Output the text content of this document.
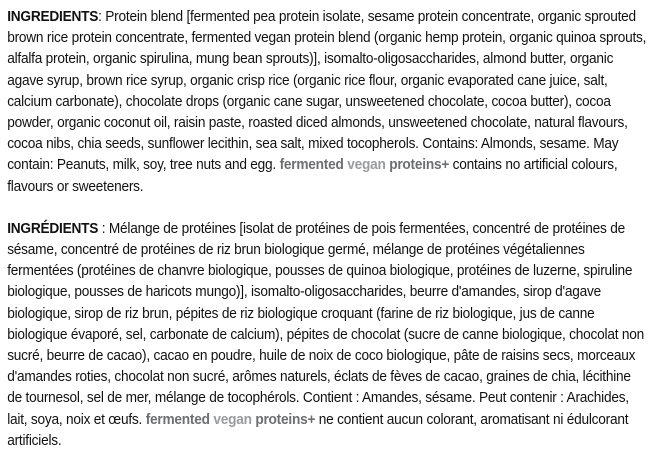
INGREDIENTS: Protein blend [fermented pea protein isolate, sesame protein concentrate, organic sprouted brown rice protein concentrate, fermented vegan protein blend (organic hemp protein, organic quinoa sprouts, alfalfa protein, organic spirulina, mung bean sprouts)], isomalto-oligosaccharides, almond butter, organic agave syrup, brown rice syrup, organic crisp rice (organic rice flour, organic evaporated cane juice, salt, calcium carbonate), chocolate drops (organic cane sugar, unsweetened chocolate, cocoa butter), cocoa powder, organic coconut oil, raisin paste, roasted diced almonds, unsweetened chocolate, natural flavours, cocoa nibs, chia seeds, sunflower lecithin, sea salt, mixed tocopherols. Contains: Almonds, sesame. May contain: Peanuts, milk, soy, tree nuts and egg. fermented vegan proteins+ contains no artificial colours, flavours or sweeteners.

INGRÉDIENTS : Mélange de protéines [isolat de protéines de pois fermentées, concentré de protéines de sésame, concentré de protéines de riz brun biologique germé, mélange de protéines végétaliennes fermentées (protéines de chanvre biologique, pousses de quinoa biologique, protéines de luzerne, spiruline biologique, pousses de haricots mungo)], isomalto-oligosaccharides, beurre d'amandes, sirop d'agave biologique, sirop de riz brun, pépites de riz biologique croquant (farine de riz biologique, jus de canne biologique évaporé, sel, carbonate de calcium), pépites de chocolat (sucre de canne biologique, chocolat non sucré, beurre de cacao), cacao en poudre, huile de noix de coco biologique, pâte de raisins secs, morceaux d'amandes roties, chocolat non sucré, arômes naturels, éclats de fèves de cacao, graines de chia, lécithine de tournesol, sel de mer, mélange de tocophérols. Contient : Amandes, sésame. Peut contenir : Arachides, lait, soya, noix et œufs. fermented vegan proteins+ ne contient aucun colorant, aromatisant ni édulcorant artificiels.
